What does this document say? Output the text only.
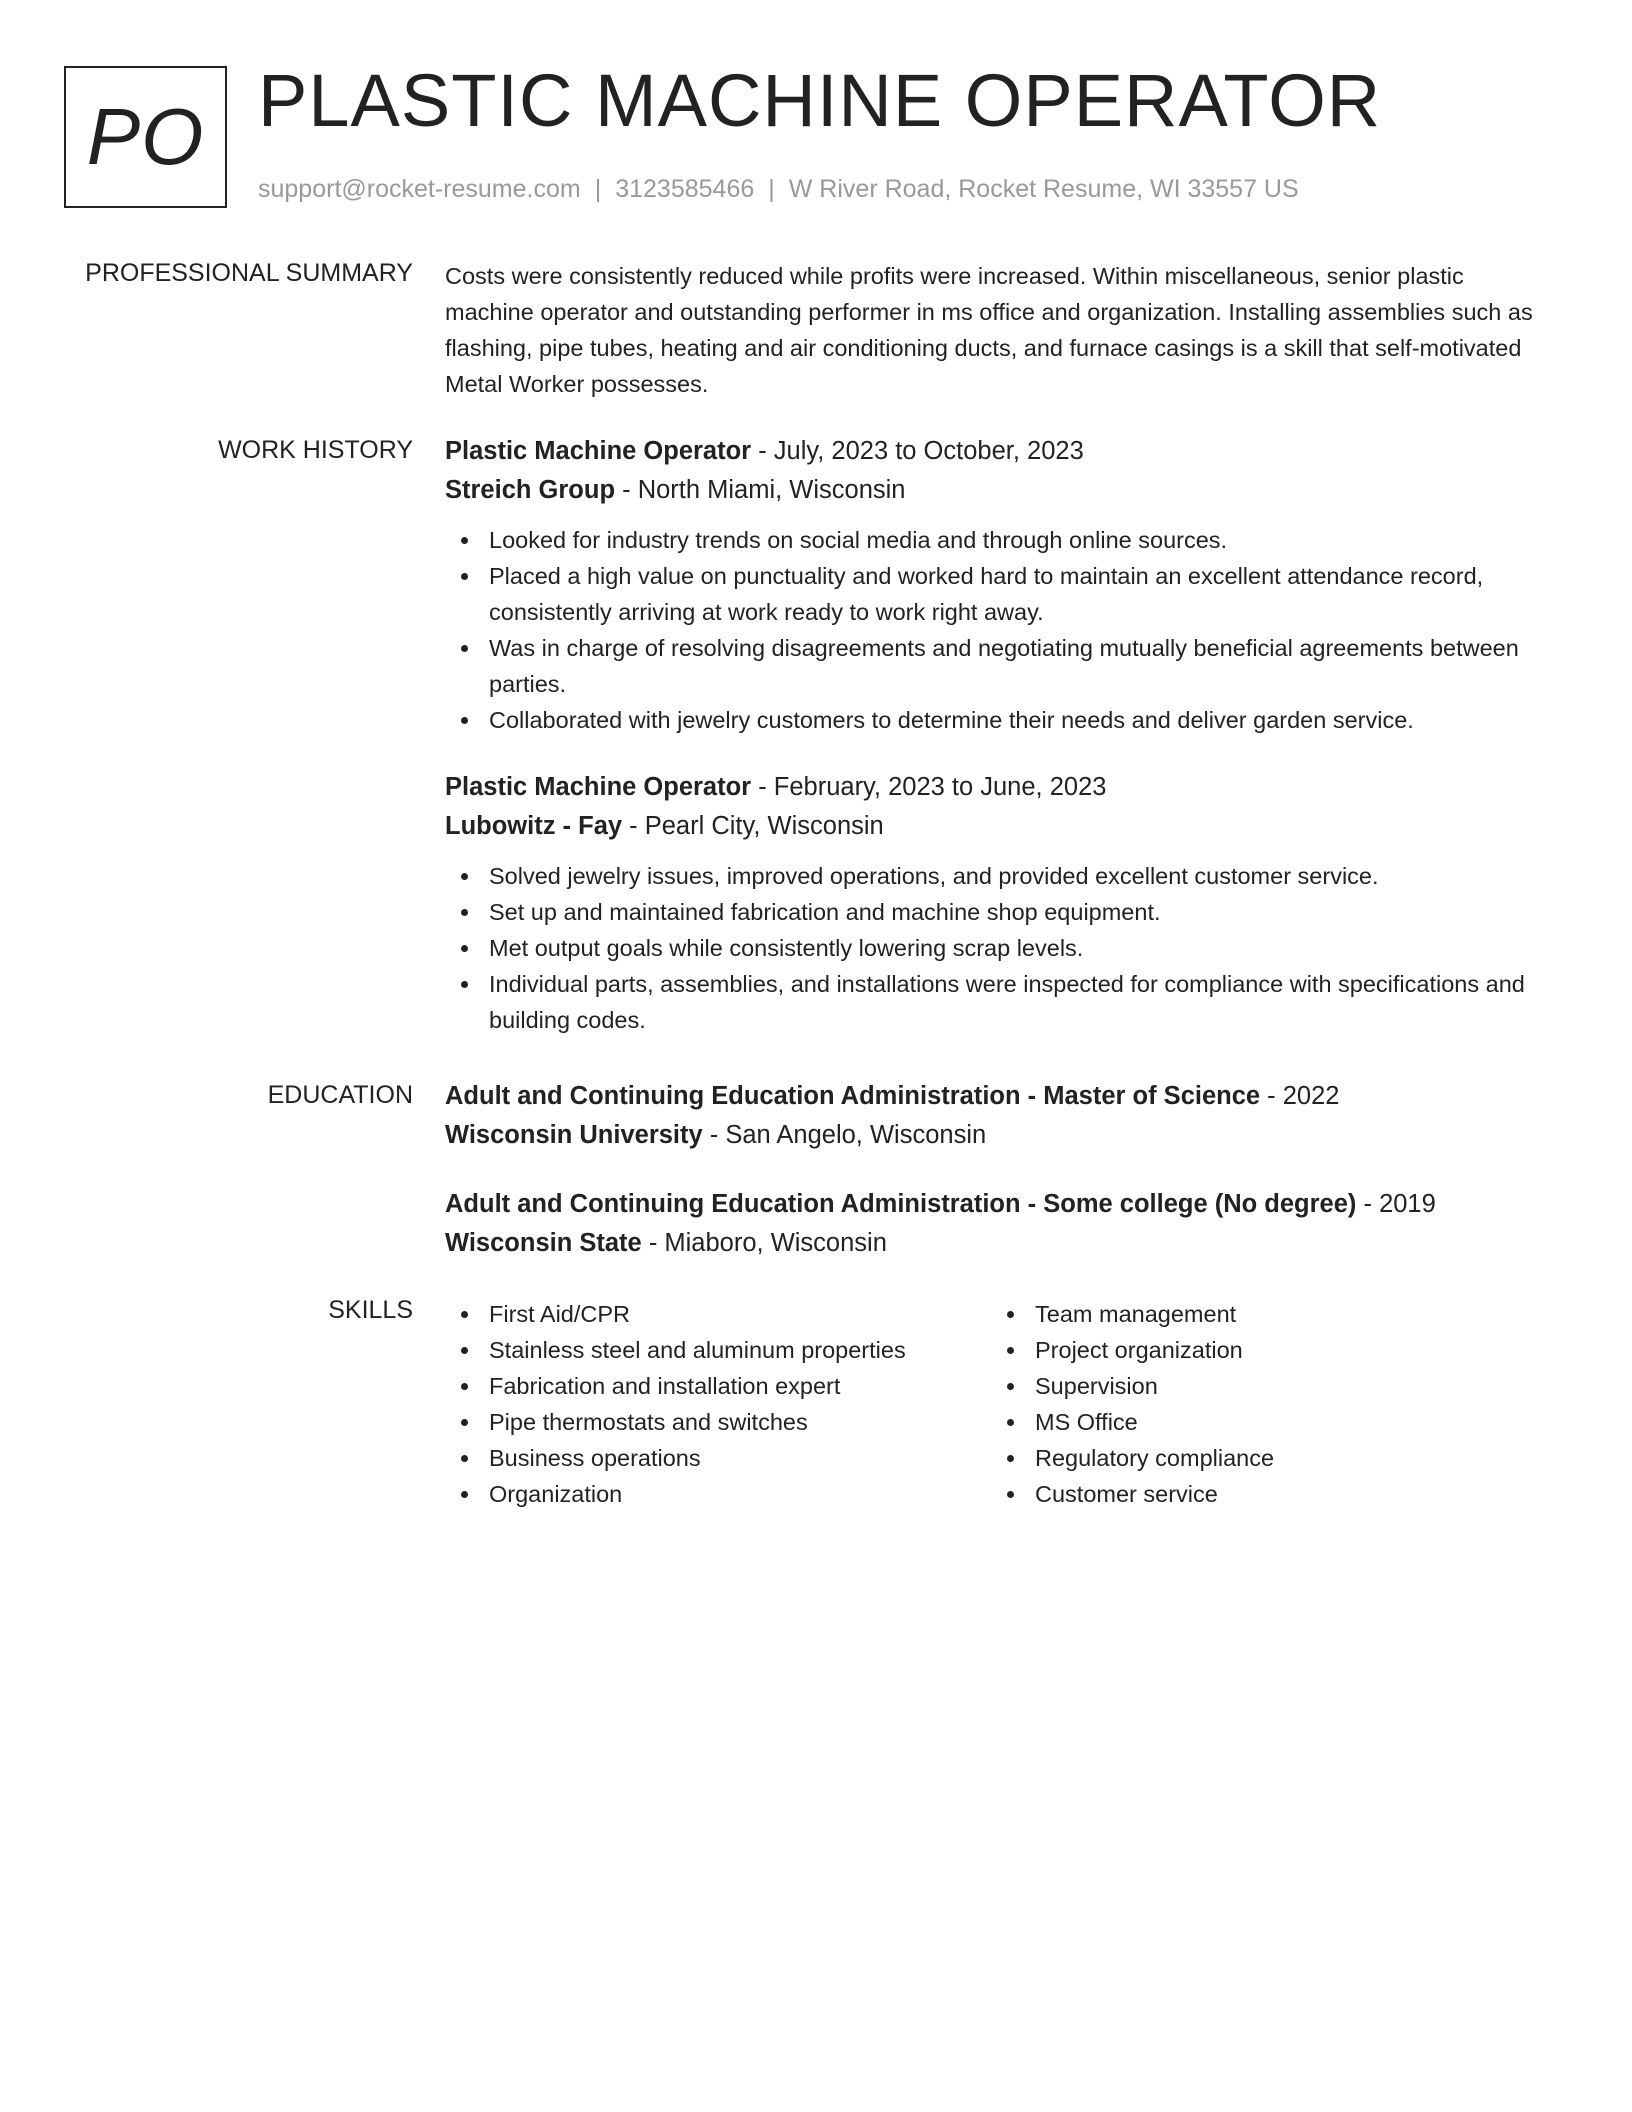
PO PLASTIC MACHINE OPERATOR
support@rocket-resume.com | 3123585466 | W River Road, Rocket Resume, WI 33557 US
PROFESSIONAL SUMMARY Costs were consistently reduced while profits were increased. Within miscellaneous, senior plastic machine operator and outstanding performer in ms office and organization. Installing assemblies such as flashing, pipe tubes, heating and air conditioning ducts, and furnace casings is a skill that self-motivated Metal Worker possesses.

WORK HISTORY Plastic Machine Operator - July, 2023 to October, 2023
Streich Group - North Miami, Wisconsin
Looked for industry trends on social media and through online sources.
Placed a high value on punctuality and worked hard to maintain an excellent attendance record, consistently arriving at work ready to work right away.
Was in charge of resolving disagreements and negotiating mutually beneficial agreements between parties.
Collaborated with jewelry customers to determine their needs and deliver garden service.
Plastic Machine Operator - February, 2023 to June, 2023
Lubowitz - Fay - Pearl City, Wisconsin
Solved jewelry issues, improved operations, and provided excellent customer service.
Set up and maintained fabrication and machine shop equipment.
Met output goals while consistently lowering scrap levels.
Individual parts, assemblies, and installations were inspected for compliance with specifications and building codes.
EDUCATION Adult and Continuing Education Administration - Master of Science - 2022
Wisconsin University - San Angelo, Wisconsin
Adult and Continuing Education Administration - Some college (No degree) - 2019
Wisconsin State - Miaboro, Wisconsin
SKILLS	First Aid/CPR
Stainless steel and aluminum properties
Fabrication and installation expert
Pipe thermostats and switches
Business operations
Organization
Team management
Project organization
Supervision
MS Office
Regulatory compliance
Customer service
